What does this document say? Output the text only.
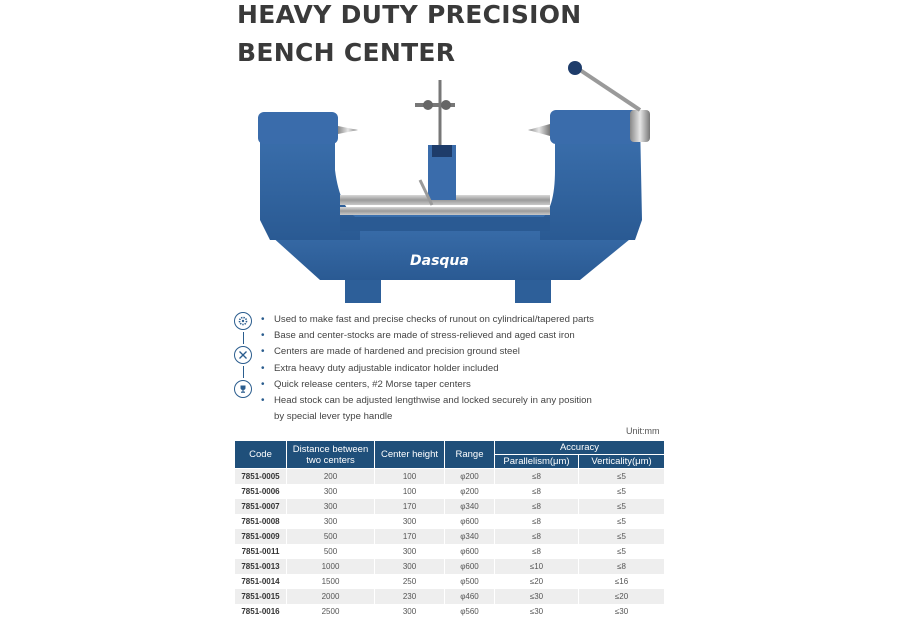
HEAVY DUTY PRECISION
BENCH CENTER
Dasqua
• Used to make fast and precise checks of runout on cylindrical/tapered parts
• Base and center-stocks are made of stress-relieved and aged cast iron
• Centers are made of hardened and precision ground steel
• Extra heavy duty adjustable indicator holder included
• Quick release centers, #2 Morse taper centers
• Head stock can be adjusted lengthwise and locked securely in any position
by special lever type handle
Unit:mm
Code	Distance between two centers	Center height	Range	Accuracy	
				Parallelism(μm)	Verticality(μm)
7851-0005	200	100	φ200	≤8	≤5
7851-0006	300	100	φ200	≤8	≤5
7851-0007	300	170	φ340	≤8	≤5
7851-0008	300	300	φ600	≤8	≤5
7851-0009	500	170	φ340	≤8	≤5
7851-0011	500	300	φ600	≤8	≤5
7851-0013	1000	300	φ600	≤10	≤8
7851-0014	1500	250	φ500	≤20	≤16
7851-0015	2000	230	φ460	≤30	≤20
7851-0016	2500	300	φ560	≤30	≤30
